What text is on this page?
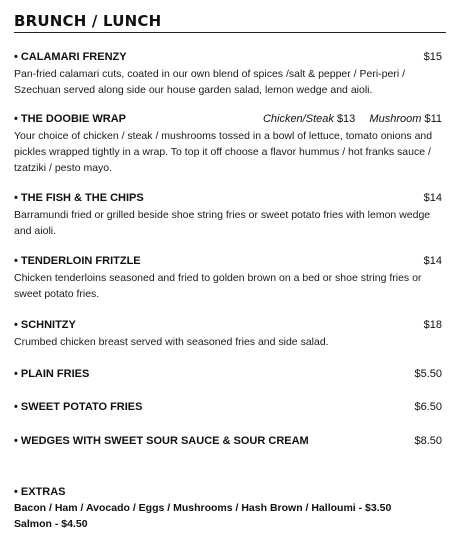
BRUNCH / LUNCH
• CALAMARI FRENZY	$15
Pan-fried calamari cuts, coated in our own blend of spices /salt & pepper / Peri-peri / Szechuan served along side our house garden salad, lemon wedge and aioli.
• THE DOOBIE WRAP	Chicken/Steak $13 Mushroom $11
Your choice of chicken / steak / mushrooms tossed in a bowl of lettuce, tomato onions and pickles wrapped tightly in a wrap. To top it off choose a flavor hummus / hot franks sauce / tzatziki / pesto mayo.
• THE FISH & THE CHIPS	$14
Barramundi fried or grilled beside shoe string fries or sweet potato fries with lemon wedge and aioli.
• TENDERLOIN FRITZLE	$14
Chicken tenderloins seasoned and fried to golden brown on a bed or shoe string fries or sweet potato fries.
• SCHNITZY	$18
Crumbed chicken breast served with seasoned fries and side salad.
• PLAIN FRIES	$5.50
• SWEET POTATO FRIES	$6.50
• WEDGES WITH SWEET SOUR SAUCE & SOUR CREAM	$8.50
• EXTRAS
Bacon / Ham / Avocado / Eggs / Mushrooms / Hash Brown / Halloumi - $3.50
Salmon - $4.50
